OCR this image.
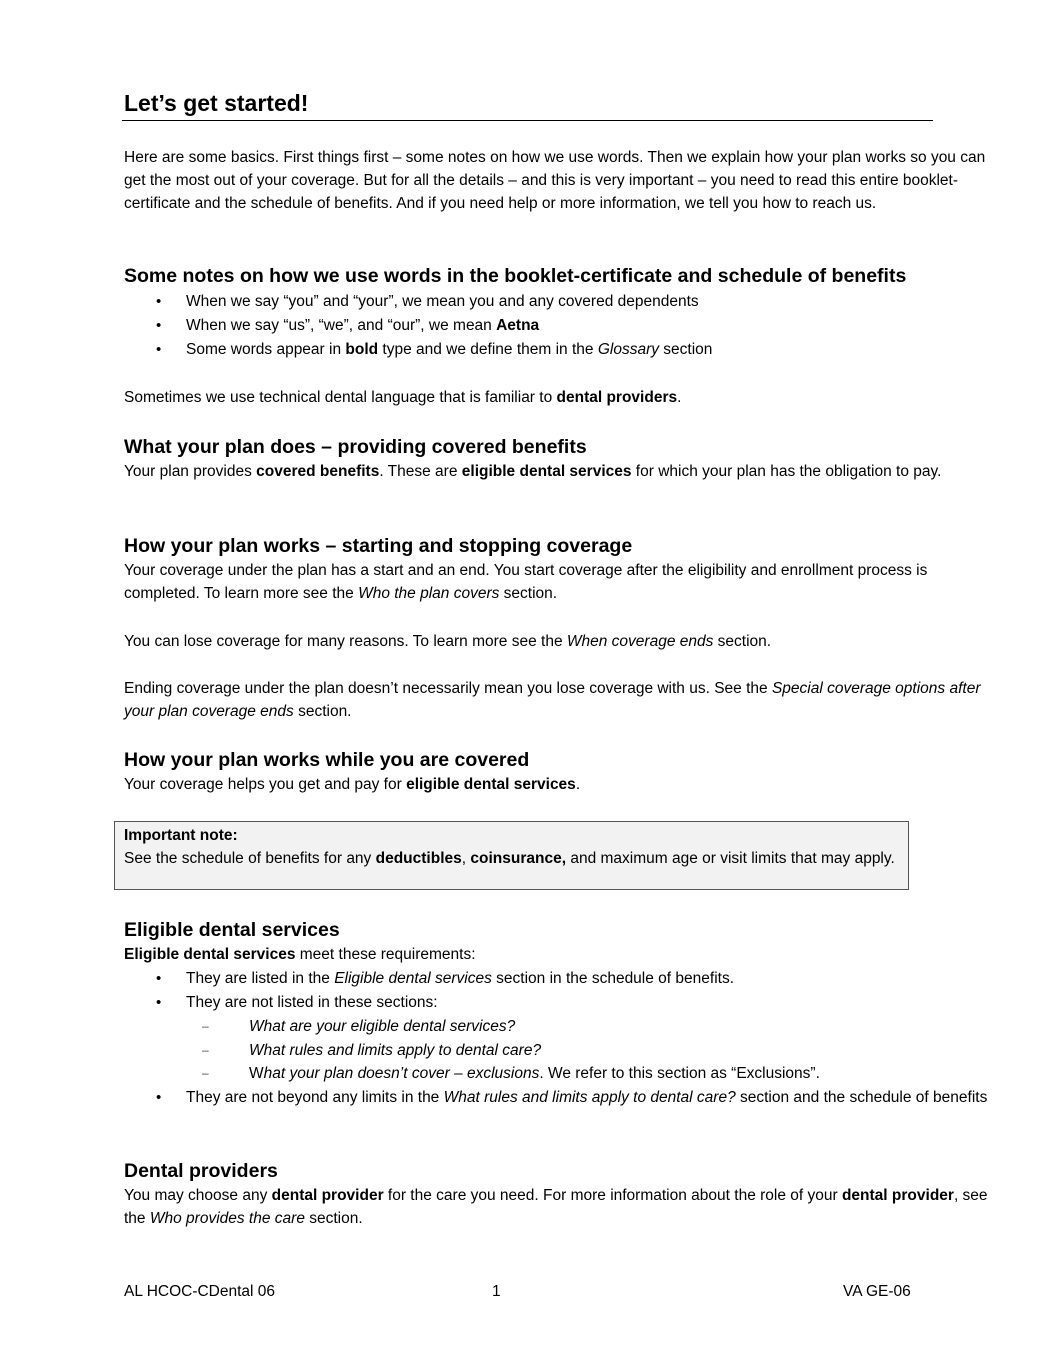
Let’s get started!

Here are some basics. First things first – some notes on how we use words. Then we explain how your plan works so you can get the most out of your coverage. But for all the details – and this is very important – you need to read this entire booklet-certificate and the schedule of benefits. And if you need help or more information, we tell you how to reach us.

Some notes on how we use words in the booklet-certificate and schedule of benefits
• When we say “you” and “your”, we mean you and any covered dependents
• When we say “us”, “we”, and “our”, we mean Aetna
• Some words appear in bold type and we define them in the Glossary section

Sometimes we use technical dental language that is familiar to dental providers.

What your plan does – providing covered benefits

Your plan provides covered benefits. These are eligible dental services for which your plan has the obligation to pay.

How your plan works – starting and stopping coverage

Your coverage under the plan has a start and an end. You start coverage after the eligibility and enrollment process is completed. To learn more see the Who the plan covers section.

You can lose coverage for many reasons. To learn more see the When coverage ends section.

Ending coverage under the plan doesn’t necessarily mean you lose coverage with us. See the Special coverage options after your plan coverage ends section.

How your plan works while you are covered

Your coverage helps you get and pay for eligible dental services.

Important note:

See the schedule of benefits for any deductibles, coinsurance, and maximum age or visit limits that may apply.

Eligible dental services

Eligible dental services meet these requirements:

• They are listed in the Eligible dental services section in the schedule of benefits.
• They are not listed in these sections:
– What are your eligible dental services?
– What rules and limits apply to dental care?
– What your plan doesn’t cover – exclusions. We refer to this section as “Exclusions”.
• They are not beyond any limits in the What rules and limits apply to dental care? section and the schedule of benefits
Dental providers

You may choose any dental provider for the care you need. For more information about the role of your dental provider, see the Who provides the care section.

AL HCOC-CDental 06	1	VA GE-06
